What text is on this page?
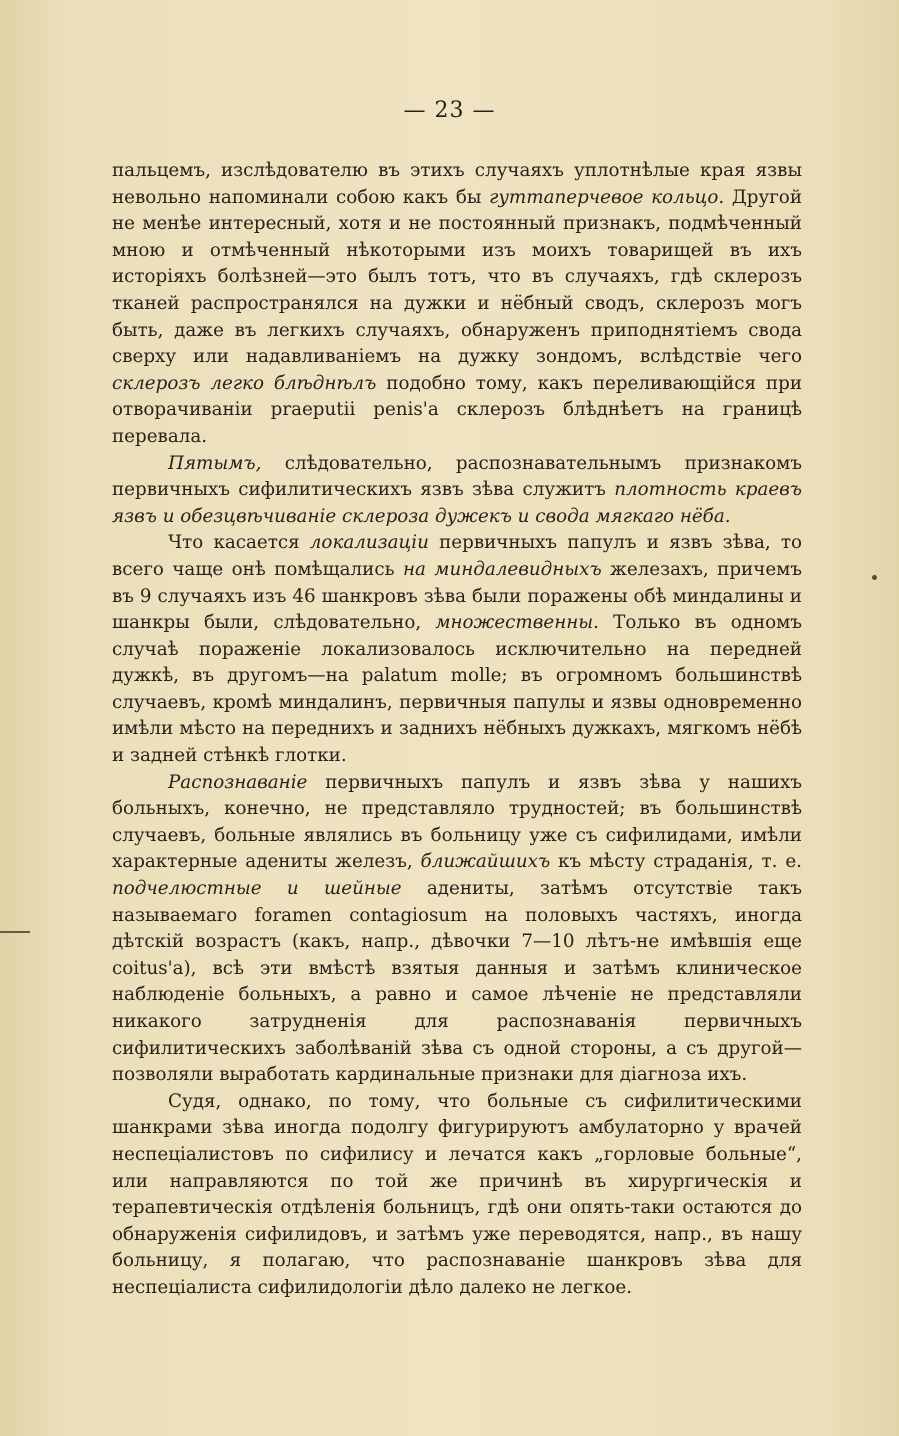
— 23 —

пальцемъ, изслѣдователю въ этихъ случаяхъ уплотнѣлые края язвы невольно напоминали собою какъ бы гуттаперчевое кольцо. Другой не менѣе интересный, хотя и не постоянный признакъ, подмѣченный мною и отмѣченный нѣкоторыми изъ моихъ товарищей въ ихъ исторіяхъ болѣзней—это былъ тотъ, что въ случаяхъ, гдѣ склерозъ тканей распространялся на дужки и нёбный сводъ, склерозъ могъ быть, даже въ легкихъ случаяхъ, обнаруженъ приподнятіемъ свода сверху или надавливаніемъ на дужку зондомъ, вслѣдствіе чего склерозъ легко блѣднѣлъ подобно тому, какъ переливающійся при отворачиваніи praeputii penis'а склерозъ блѣднѣетъ на границѣ перевала.

Пятымъ, слѣдовательно, распознавательнымъ признакомъ первичныхъ сифилитическихъ язвъ зѣва служитъ плотность краевъ язвъ и обезцвѣчиваніе склероза дужекъ и свода мягкаго нёба.

Что касается локализаціи первичныхъ папулъ и язвъ зѣва, то всего чаще онѣ помѣщались на миндалевидныхъ железахъ, причемъ въ 9 случаяхъ изъ 46 шанкровъ зѣва были поражены обѣ миндалины и шанкры были, слѣдовательно, множественны. Только въ одномъ случаѣ пораженіе локализовалось исключительно на передней дужкѣ, въ другомъ—на palatum molle; въ огромномъ большинствѣ случаевъ, кромѣ миндалинъ, первичныя папулы и язвы одновременно имѣли мѣсто на переднихъ и заднихъ нёбныхъ дужкахъ, мягкомъ нёбѣ и задней стѣнкѣ глотки.

Распознаваніе первичныхъ папулъ и язвъ зѣва у нашихъ больныхъ, конечно, не представляло трудностей; въ большинствѣ случаевъ, больные являлись въ больницу уже съ сифилидами, имѣли характерные адениты железъ, ближайшихъ къ мѣсту страданія, т. е. подчелюстные и шейные адениты, затѣмъ отсутствіе такъ называемаго foramen contagiosum на половыхъ частяхъ, иногда дѣтскій возрастъ (какъ, напр., дѣвочки 7—10 лѣтъ-не имѣвшія еще coitus'а), всѣ эти вмѣстѣ взятыя данныя и затѣмъ клиническое наблюденіе больныхъ, а равно и самое лѣченіе не представляли никакого затрудненія для распознаванія первичныхъ сифилитическихъ заболѣваній зѣва съ одной стороны, а съ другой—позволяли выработать кардинальные признаки для діагноза ихъ.

Судя, однако, по тому, что больные съ сифилитическими шанкрами зѣва иногда подолгу фигурируютъ амбулаторно у врачей неспеціалистовъ по сифилису и лечатся какъ „горловые больные“, или направляются по той же причинѣ въ хирургическія и терапевтическія отдѣленія больницъ, гдѣ они опять-таки остаются до обнаруженія сифилидовъ, и затѣмъ уже переводятся, напр., въ нашу больницу, я полагаю, что распознаваніе шанкровъ зѣва для неспеціалиста сифилидологіи дѣло далеко не легкое.
